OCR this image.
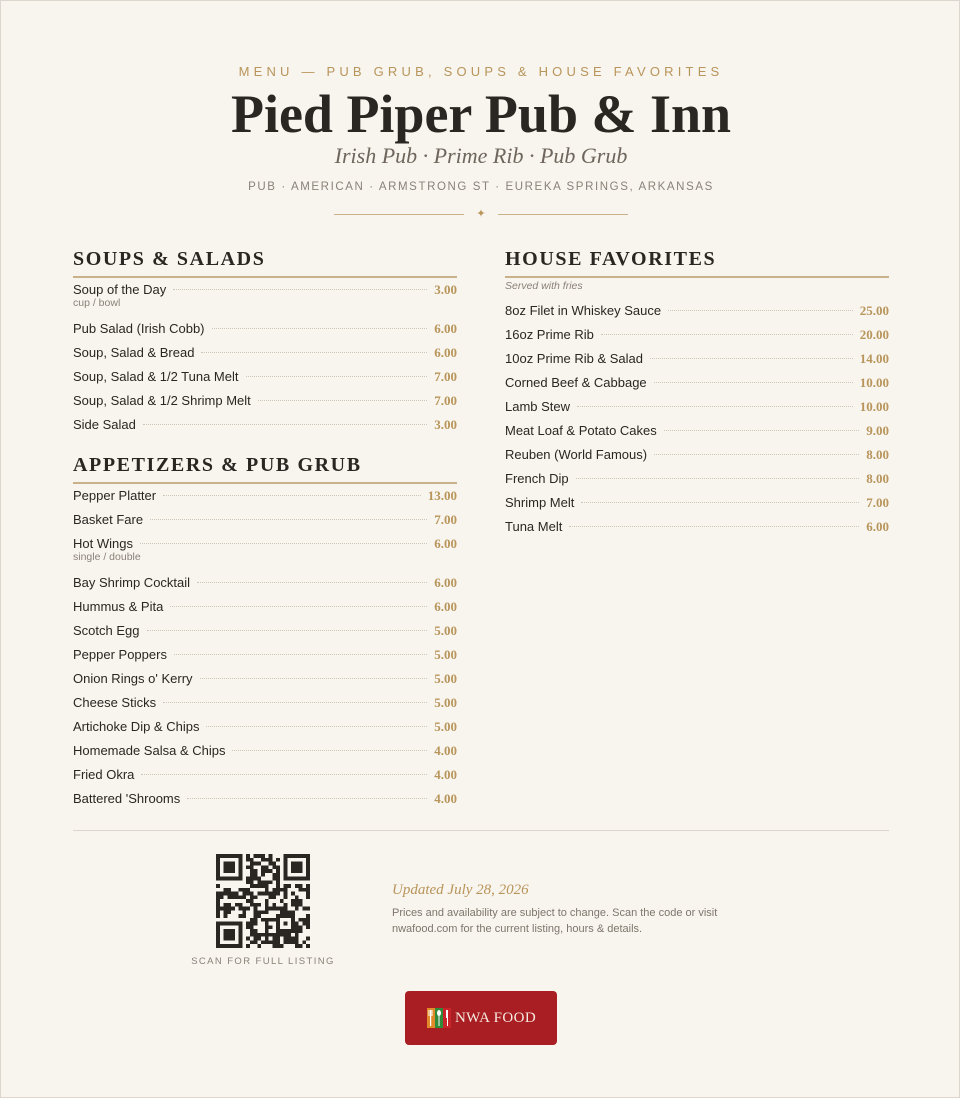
MENU — PUB GRUB, SOUPS & HOUSE FAVORITES
Pied Piper Pub & Inn
Irish Pub · Prime Rib · Pub Grub
PUB · AMERICAN · ARMSTRONG ST · EUREKA SPRINGS, ARKANSAS
✦
SOUPS & SALADS
Soup of the Day	3.00
cup / bowl
Pub Salad (Irish Cobb)	6.00
Soup, Salad & Bread	6.00
Soup, Salad & 1/2 Tuna Melt	7.00
Soup, Salad & 1/2 Shrimp Melt	7.00
Side Salad	3.00
APPETIZERS & PUB GRUB
Pepper Platter	13.00
Basket Fare	7.00
Hot Wings	6.00
single / double
Bay Shrimp Cocktail	6.00
Hummus & Pita	6.00
Scotch Egg	5.00
Pepper Poppers	5.00
Onion Rings o' Kerry	5.00
Cheese Sticks	5.00
Artichoke Dip & Chips	5.00
Homemade Salsa & Chips	4.00
Fried Okra	4.00
Battered 'Shrooms	4.00
HOUSE FAVORITES
Served with fries
8oz Filet in Whiskey Sauce	25.00
16oz Prime Rib	20.00
10oz Prime Rib & Salad	14.00
Corned Beef & Cabbage	10.00
Lamb Stew	10.00
Meat Loaf & Potato Cakes	9.00
Reuben (World Famous)	8.00
French Dip	8.00
Shrimp Melt	7.00
Tuna Melt	6.00
SCAN FOR FULL LISTING
Updated July 28, 2026
Prices and availability are subject to change. Scan the code or visit nwafood.com for the current listing, hours & details.
NWA FOOD
